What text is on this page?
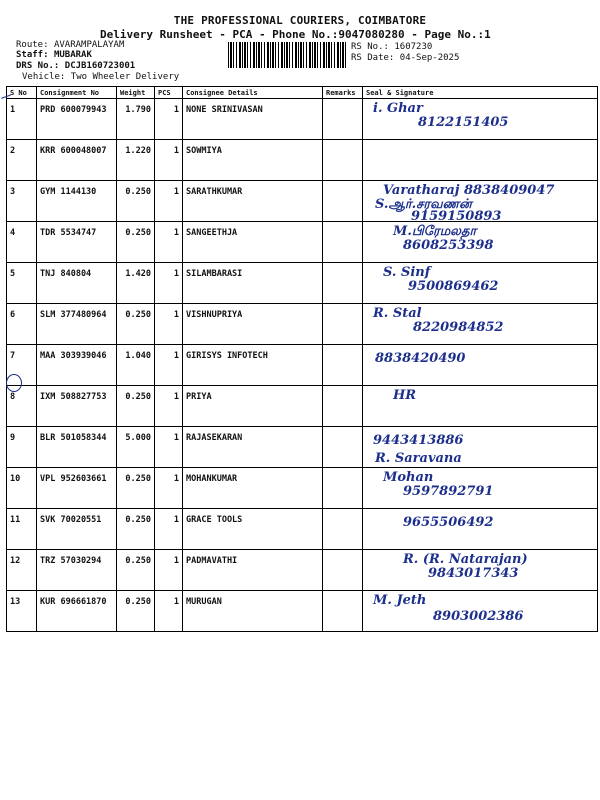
THE PROFESSIONAL COURIERS, COIMBATORE
Delivery Runsheet - PCA - Phone No.:9047080280 - Page No.:1
Route: AVARAMPALAYAM
Staff: MUBARAK
DRS No.: DCJB160723001
Vehicle: Two Wheeler Delivery
RS No.: 1607230
RS Date: 04-Sep-2025
S No	Consignment No	Weight	PCS	Consignee Details	Remarks	Seal & Signature
1	PRD 600079943	1.790	1	NONE SRINIVASAN		i. Ghar
8122151405

2	KRR 600048007	1.220	1	SOWMIYA		
3	GYM 1144130	0.250	1	SARATHKUMAR		Varatharaj 8838409047
S.ஆர்.சரவணன்
9159150893

4	TDR 5534747	0.250	1	SANGEETHJA		M.பிரேமலதா
8608253398

5	TNJ 840804	1.420	1	SILAMBARASI		S. Sinf
9500869462

6	SLM 377480964	0.250	1	VISHNUPRIYA		R. Stal
8220984852

7	MAA 303939046	1.040	1	GIRISYS INFOTECH		8838420490

8	IXM 508827753	0.250	1	PRIYA		HR

9	BLR 501058344	5.000	1	RAJASEKARAN		9443413886
R. Saravana

10	VPL 952603661	0.250	1	MOHANKUMAR		Mohan
9597892791

11	SVK 70020551	0.250	1	GRACE TOOLS		9655506492

12	TRZ 57030294	0.250	1	PADMAVATHI		R. (R. Natarajan)
9843017343

13	KUR 696661870	0.250	1	MURUGAN		M. Jeth
8903002386
